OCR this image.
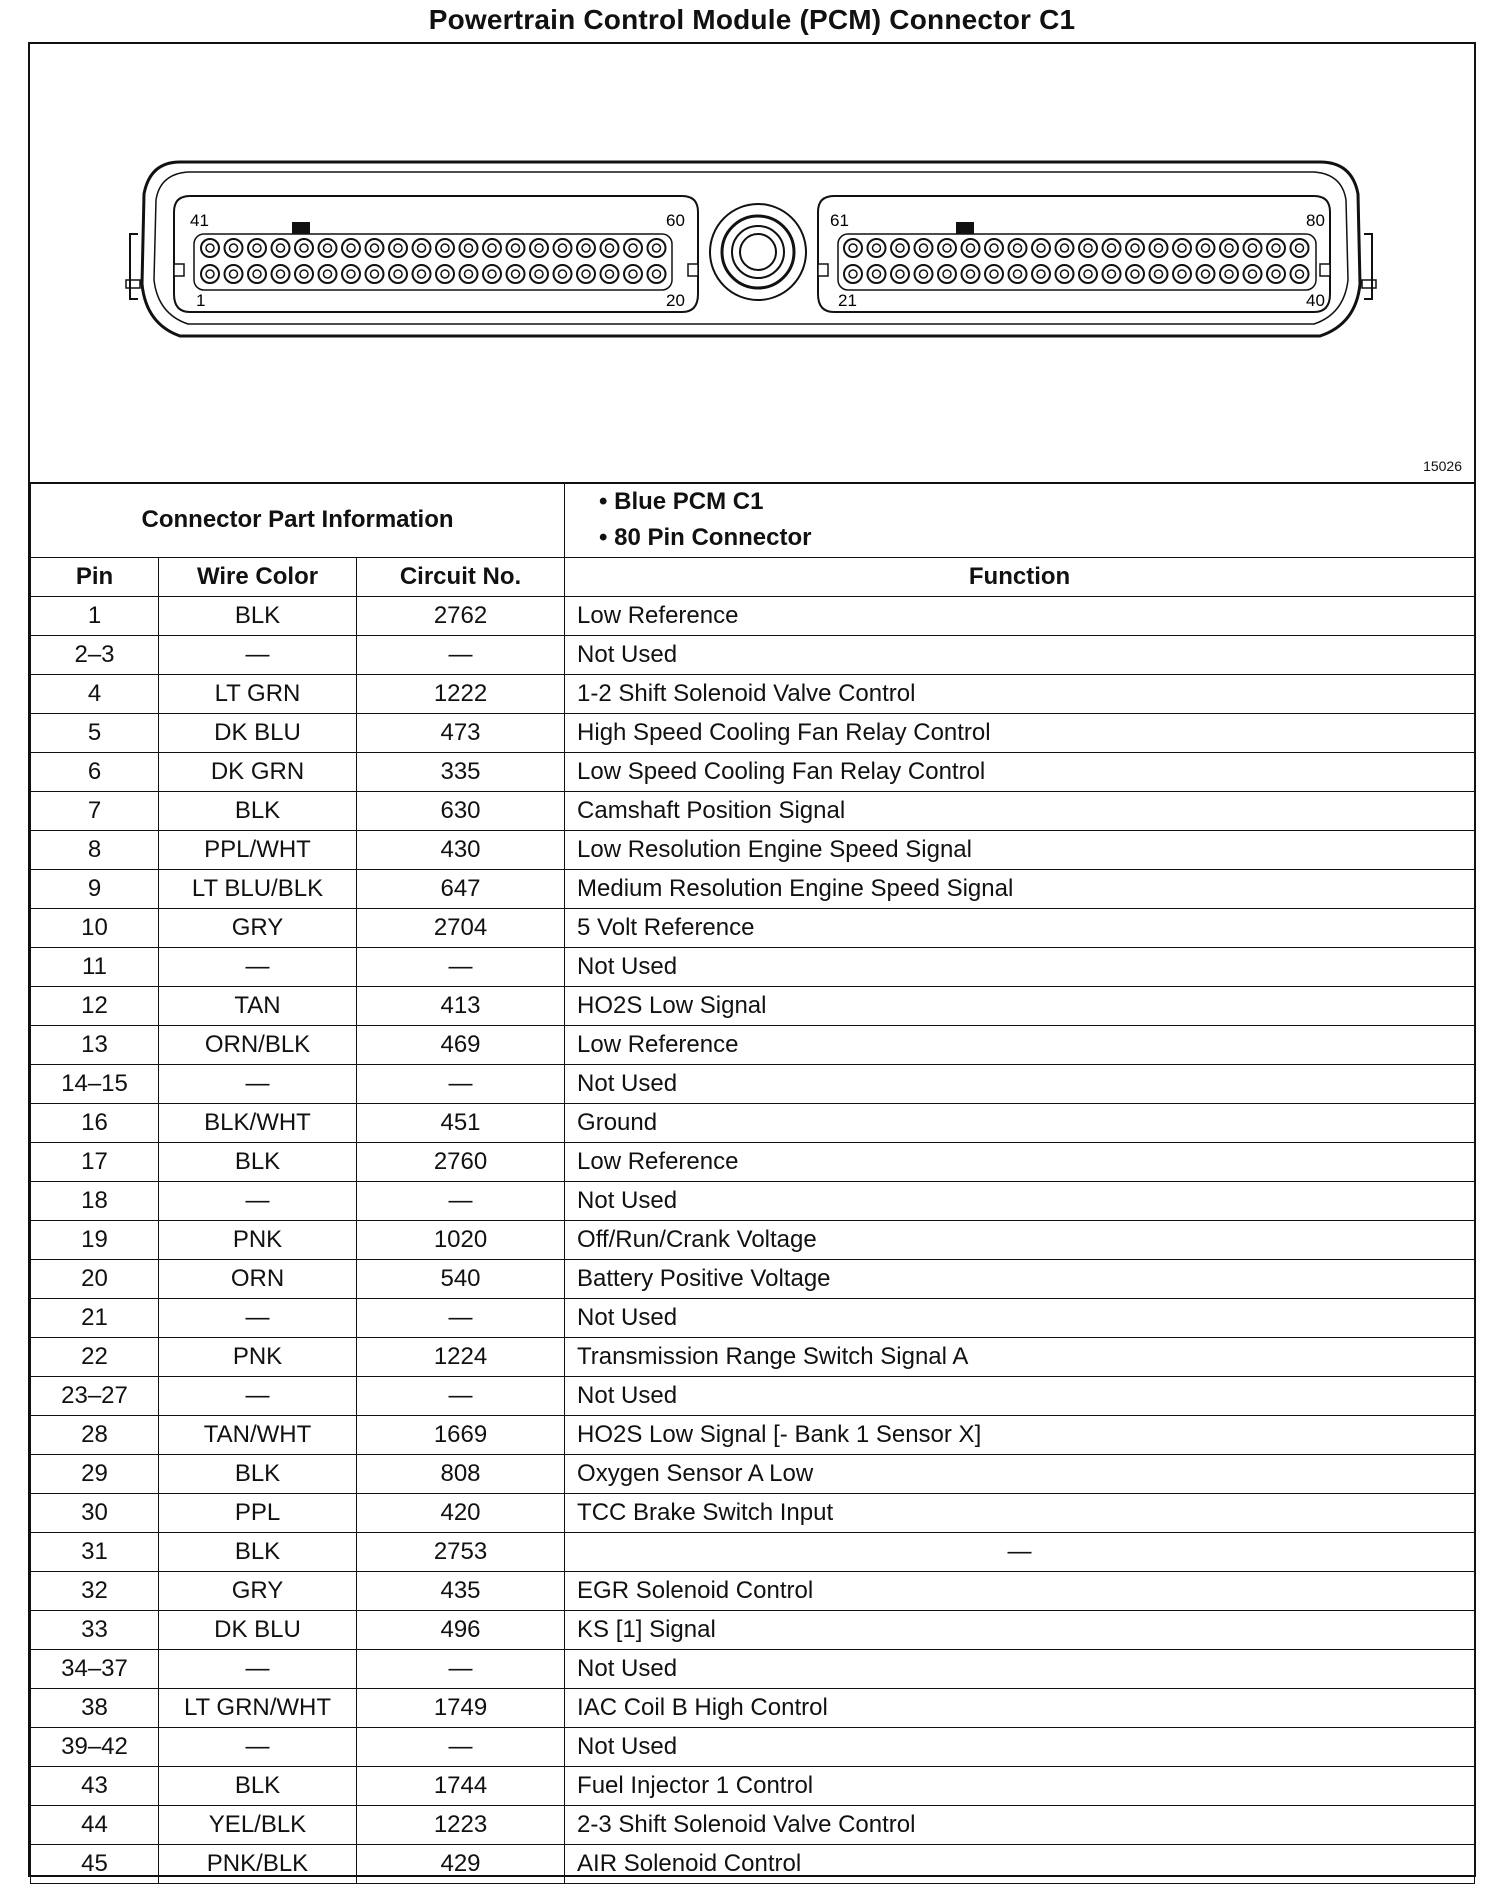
Powertrain Control Module (PCM) Connector C1
41	60
1	20
61	80
21	40
15026
Connector Part Information			• Blue PCM C1
• 80 Pin Connector

Pin	Wire Color	Circuit No.	Function
1	BLK	2762	Low Reference
2–3	—	—	Not Used
4	LT GRN	1222	1-2 Shift Solenoid Valve Control
5	DK BLU	473	High Speed Cooling Fan Relay Control
6	DK GRN	335	Low Speed Cooling Fan Relay Control
7	BLK	630	Camshaft Position Signal
8	PPL/WHT	430	Low Resolution Engine Speed Signal
9	LT BLU/BLK	647	Medium Resolution Engine Speed Signal
10	GRY	2704	5 Volt Reference
11	—	—	Not Used
12	TAN	413	HO2S Low Signal
13	ORN/BLK	469	Low Reference
14–15	—	—	Not Used
16	BLK/WHT	451	Ground
17	BLK	2760	Low Reference
18	—	—	Not Used
19	PNK	1020	Off/Run/Crank Voltage
20	ORN	540	Battery Positive Voltage
21	—	—	Not Used
22	PNK	1224	Transmission Range Switch Signal A
23–27	—	—	Not Used
28	TAN/WHT	1669	HO2S Low Signal [- Bank 1 Sensor X]
29	BLK	808	Oxygen Sensor A Low
30	PPL	420	TCC Brake Switch Input
31	BLK	2753	—
32	GRY	435	EGR Solenoid Control
33	DK BLU	496	KS [1] Signal
34–37	—	—	Not Used
38	LT GRN/WHT	1749	IAC Coil B High Control
39–42	—	—	Not Used
43	BLK	1744	Fuel Injector 1 Control
44	YEL/BLK	1223	2-3 Shift Solenoid Valve Control
45	PNK/BLK	429	AIR Solenoid Control
